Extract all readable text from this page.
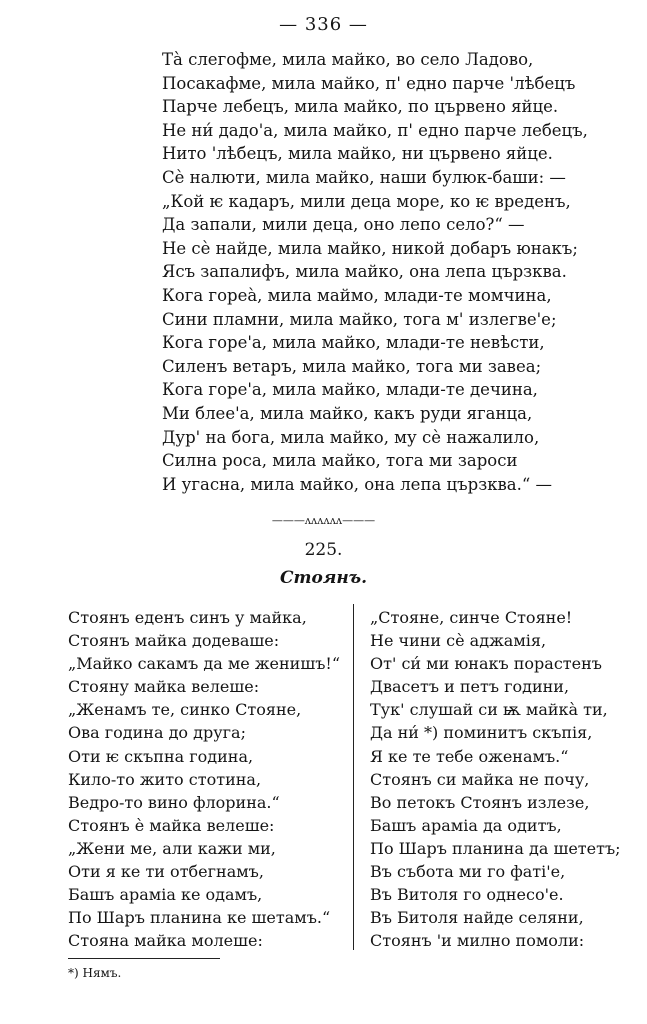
— 336 —
Тà слегофме, мила майко, во село Ладово,
Посакафме, мила майко, п' едно парче 'лѣбецъ
Парче лебецъ, мила майко, по цървено яйце.
Не ни́ дадо'а, мила майко, п' едно парче лебецъ,
Нито 'лѣбецъ, мила майко, ни цървено яйце.
Сѐ налюти, мила майко, наши булюк-баши: —
„Кой ѥ кадаръ, мили деца море, ко ѥ вреденъ,
Да запали, мили деца, оно лепо село?“ —
Не сѐ найде, мила майко, никой добаръ юнакъ;
Ясъ запалифъ, мила майко, она лепа цързква.
Кога гореа̀, мила маймо, млади-те момчина,
Сини пламни, мила майко, тога м' излегве'е;
Кога горе'а, мила майко, млади-те невѣсти,
Силенъ ветаръ, мила майко, тога ми завеа;
Кога горе'а, мила майко, млади-те дечина,
Ми блее'а, мила майко, какъ руди яганца,
Дур' на бога, мила майко, му сѐ нажалило,
Силна роса, мила майко, тога ми зароси
И угасна, мила майко, она лепа цързква.“ —
———ʌʌʌʌʌʌ———
225.
Стоянъ.
Стоянъ еденъ синъ у майка,
Стоянъ майка додеваше:
„Майко сакамъ да ме женишъ!“
Стояну майка велеше:
„Женамъ те, синко Стояне,
Ова година до друга;
Оти ѥ скъпна година,
Кило-то жито стотина,
Ведро-то вино флорина.“
Стоянъ ѐ майка велеше:
„Жени ме, али кажи ми,
Оти я ке ти отбегнамъ,
Башъ арамia ке одамъ,
По Шаръ планина ке шетамъ.“
Стояна майка молеше:
„Стояне, синче Стояне!
Не чини сѐ аджамія,
От' си́ ми юнакъ порастенъ
Двасетъ и петъ години,
Тук' слушай си ѭ майкà ти,
Да ни́ *) поминитъ скъпія,
Я ке те тебе оженамъ.“
Стоянъ си майка не почу,
Во петокъ Стоянъ излезе,
Башъ арамia да одитъ,
По Шаръ планина да шететъ;
Въ събота ми го фатi'е,
Въ Витоля го однесо'е.
Въ Битоля найде селяни,
Стоянъ 'и милно помоли:
*) Нямъ.
